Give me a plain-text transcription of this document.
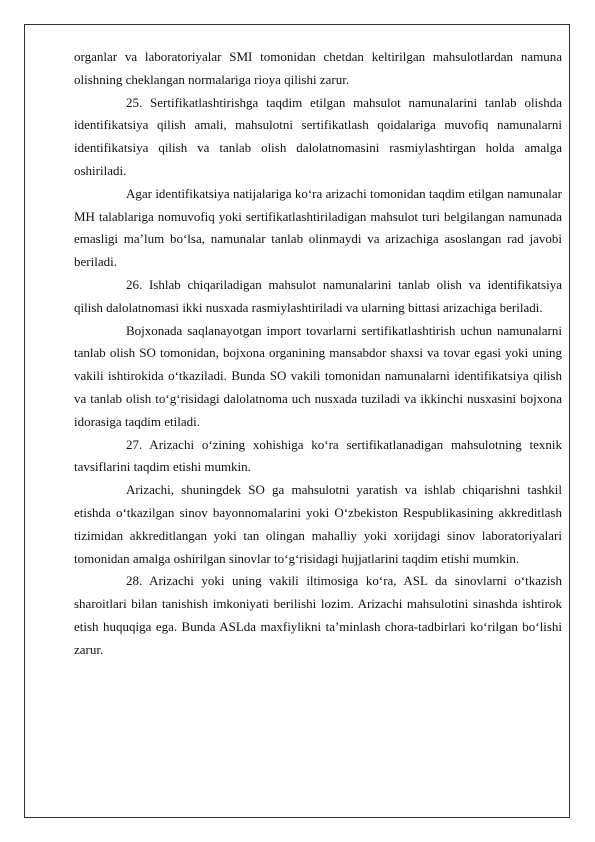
organlar va laboratoriyalar SMI tomonidan chetdan keltirilgan mahsulotlardan namuna olishning cheklangan normalariga rioya qilishi zarur.

25. Sertifikatlashtirishga taqdim etilgan mahsulot namunalarini tanlab olishda identifikatsiya qilish amali, mahsulotni sertifikatlash qoidalariga muvofiq namunalarni identifikatsiya qilish va tanlab olish dalolatnomasini rasmiylashtirgan holda amalga oshiriladi.

Agar identifikatsiya natijalariga ko‘ra arizachi tomonidan taqdim etilgan namunalar MH talablariga nomuvofiq yoki sertifikatlashtiriladigan mahsulot turi belgilangan namunada emasligi ma’lum bo‘lsa, namunalar tanlab olinmaydi va arizachiga asoslangan rad javobi beriladi.

26. Ishlab chiqariladigan mahsulot namunalarini tanlab olish va identifikatsiya qilish dalolatnomasi ikki nusxada rasmiylashtiriladi va ularning bittasi arizachiga beriladi.

Bojxonada saqlanayotgan import tovarlarni sertifikatlashtirish uchun namunalarni tanlab olish SO tomonidan, bojxona organining mansabdor shaxsi va tovar egasi yoki uning vakili ishtirokida o‘tkaziladi. Bunda SO vakili tomonidan namunalarni identifikatsiya qilish va tanlab olish to‘g‘risidagi dalolatnoma uch nusxada tuziladi va ikkinchi nusxasini bojxona idorasiga taqdim etiladi.

27. Arizachi o‘zining xohishiga ko‘ra sertifikatlanadigan mahsulotning texnik tavsiflarini taqdim etishi mumkin.

Arizachi, shuningdek SO ga mahsulotni yaratish va ishlab chiqarishni tashkil etishda o‘tkazilgan sinov bayonnomalarini yoki O‘zbekiston Respublikasining akkreditlash tizimidan akkreditlangan yoki tan olingan mahalliy yoki xorijdagi sinov laboratoriyalari tomonidan amalga oshirilgan sinovlar to‘g‘risidagi hujjatlarini taqdim etishi mumkin.

28. Arizachi yoki uning vakili iltimosiga ko‘ra, ASL da sinovlarni o‘tkazish sharoitlari bilan tanishish imkoniyati berilishi lozim. Arizachi mahsulotini sinashda ishtirok etish huquqiga ega. Bunda ASLda maxfiylikni ta’minlash chora-tadbirlari ko‘rilgan bo‘lishi zarur.
